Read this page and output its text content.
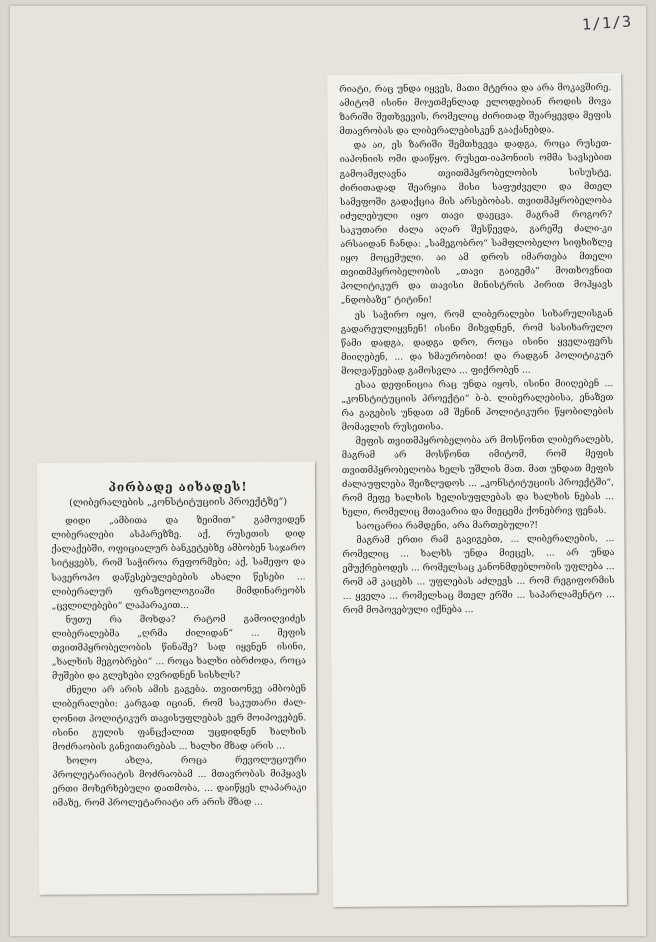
1/1/3

რიატი, რაც უნდა იყვეს, მათი მტერია და არა მოკავშირე. ამიტომ ისინი მოუთმენლად ელოდებიან როდის მოვა ზარიში შეთხვევის, რომელიც ძირითად შეარყევდა მეფის მთავრობას და ლიბერალებისკენ გააქანებდა.

და აი, ეს ზარიში შემთხვევა დადგა, როცა რუსეთ-იაპონიის ომი დაიწყო. რუსეთ-იაპონიის ომმა სავსებით გამოამჟღავნა თვითმპყრობელობის სისუსტე, ძირითადად შეარყია მისი საფუძველი და მთელ სამეფოში გადაქცია მის არსებობას. თვითმპყრობელობა იძულებული იყო თავი დაეცვა. მაგრამ როგორ? საკუთარი ძალა აღარ შესწევდა, გარეშე ძალი-კი არსაიდან ჩანდა: „სამეგობრო“ სამფლობელო სიფხიზლე იყო მოცემული. აი ამ დროს იმართება მთელი თვითმპყრობელობის „თავი გაიგემა“ მოთხოვნით პოლიტიკურ და თავისი მინისტრის პირით მოჰყავს „ნდობაზე“ ტიტინი!

ეს საჭირო იყო, რომ ლიბერალები სიხარულისგან გადარეულიყვნენ! ისინი მიხვდნენ, რომ სასიხარულო წამი დადგა, დადგა დრო, როცა ისინი ყველაფერს მიიღებენ, ... და ხმაურობით! და რადგან პოლიტიკურ მოღვაწეებად გამოსვლა ... ფიქრობენ ...

ესაა დეფინიცია რაც უნდა იყოს, ისინი მიიღებენ ... „კონსტიტუციის პროექტი“ ბ-ბ. ლიბერალებისა, ენაზეთ რა გაგების უნდათ ამ შენინ პოლიტიკური წყობილების მომავლის რუსეთისა.

მეფის თვითმპყრობელობა არ მოსწონთ ლიბერალებს, მაგრამ არ მოსწონთ იმიტომ, რომ მეფის თვითმპყრობელობა ხელს უშლის მათ. მათ უნდათ მეფის ძალაუფლება შეიზღუდოს ... „კონსტიტუციის პროექტში“, რომ მეფე ხალხის ხელისუფლებას და ხალხის ნებას ... ხელი, რომელიც მთავარია და მიეცემა ქონებრივ ფენას.

საოცარია რამდენი, არა მართებული?!

მაგრამ ერთი რამ გავიგებთ, ... ლიბერალების, ... რომელიც ... ხალხს უნდა მიეცეს, ... არ უნდა ემუქრებოდეს ... რომელსაც კანონმდებლობის უფლება ... რომ ამ კაცებს ... უფლებას აძლევს ... რომ რეგიფორმის ... ყველა ... რომელსაც მთელ ერში ... საპარლამენტო ... რომ მოპოვებული იქნება ...

პირბადე აიხადეს!
(ლიბერალების „კონსტიტუციის პროექტზე“)

დიდი „ამბითა და ზეიმით“ გამოვიდენ ლიბერალები ასპარეზზე. აქ, რუსეთის დიდ ქალაქებში, ოფიციალურ ბანკეტებზე ამბობენ საჯარო სიტყვებს, რომ საჭიროა რეფორმები; აქ, სამეფო და სავეროპო დაწესებულებების ახალი წესები ... ლიბერალურ ფრაზეოლოგიაში მიმდინარეობს „ცვლილებები“ ლაპარაკით...

ნუთუ რა მოხდა? რატომ გამოიღვიძეს ლიბერალებმა „ღრმა ძილიდან“ ... მეფის თვითმპყრობელობის წინაშე? სად იყვნენ ისინი, „ხალხის მეგობრები“ ... როცა ხალხი იბრძოდა, როცა მუშები და გლეხები ღვრიდნენ სისხლს?

ძნელი არ არის ამის გაგება. თვითონვე ამბობენ ლიბერალები: კარგად იციან, რომ საკუთარი ძალ-ღონით პოლიტიკურ თავისუფლებას ვერ მოიპოვებენ. ისინი გულის ფანცქალით უცდიდნენ ხალხის მოძრაობის განვითარებას ... ხალხი მზად არის ...

ხოლო ახლა, როცა რევოლუციური პროლეტარიატის მოძრაობამ ... მთავრობას მიჰყავს ერთი მოხერხებული დათმობა, ... დაიწყეს ლაპარაკი იმაზე, რომ პროლეტარიატი არ არის მზად ...
